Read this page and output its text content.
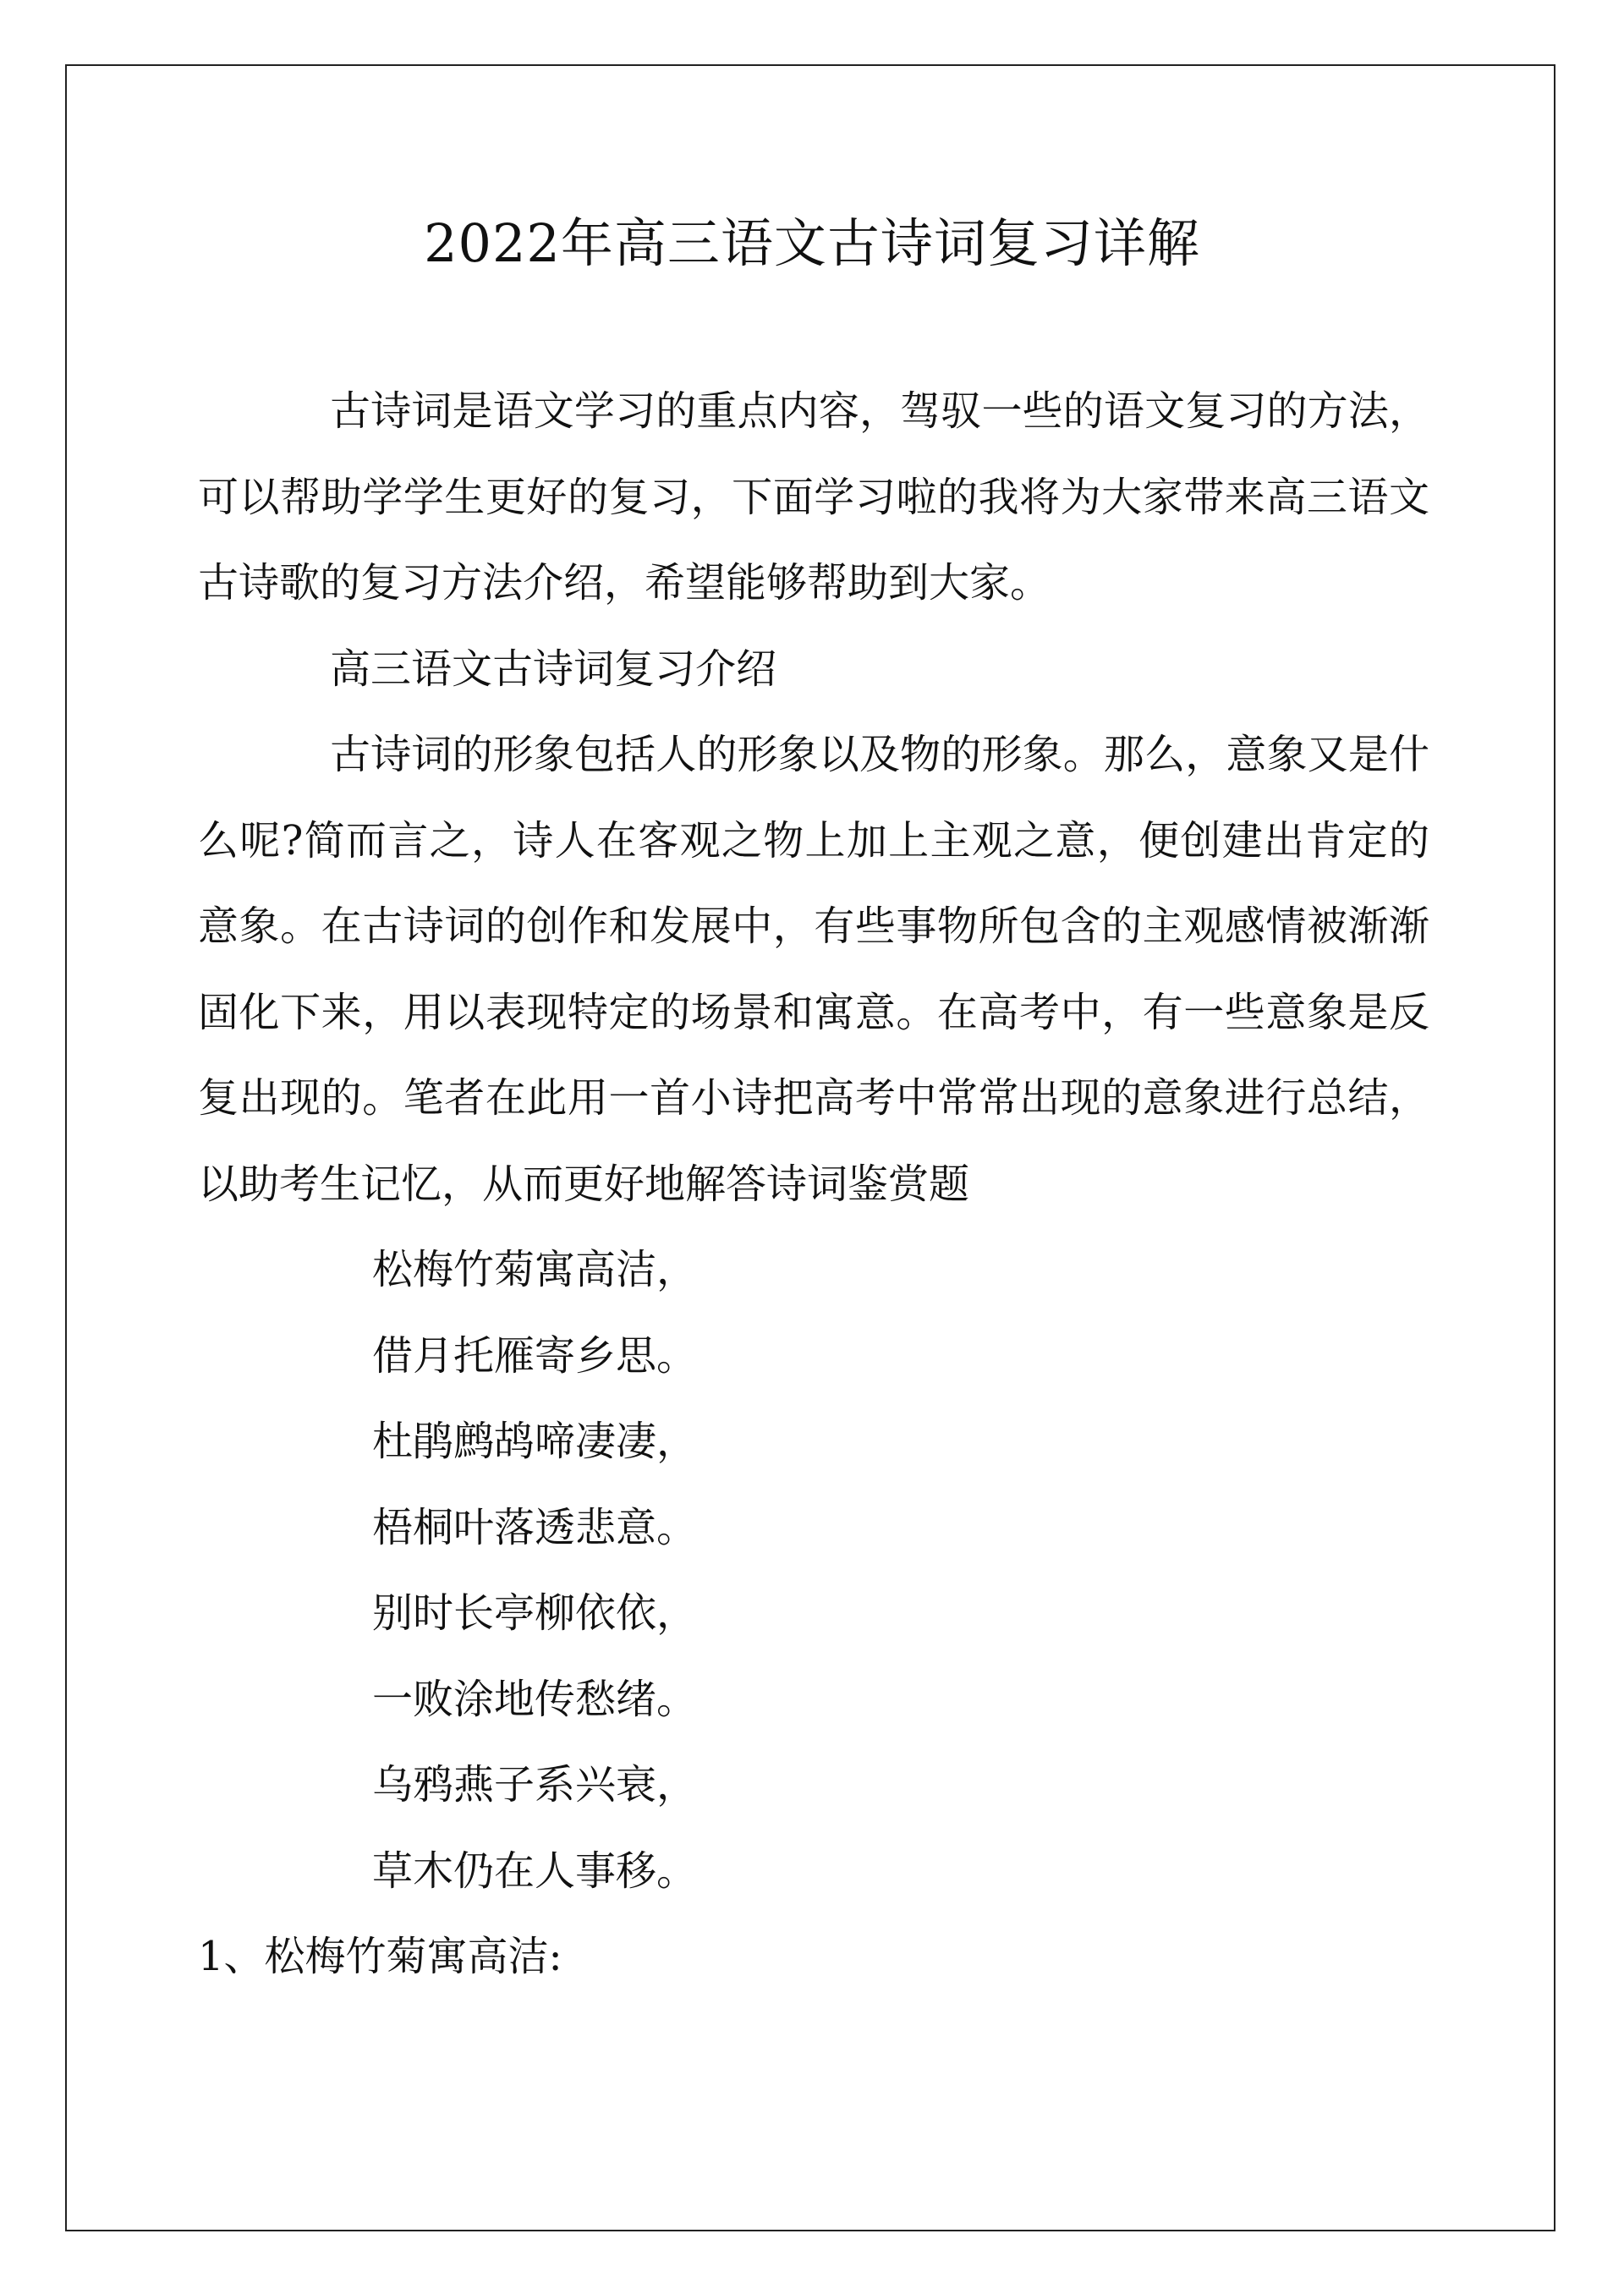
2022年高三语文古诗词复习详解

古诗词是语文学习的重点内容，驾驭一些的语文复习的方法，可以帮助学学生更好的复习，下面学习啦的我将为大家带来高三语文古诗歌的复习方法介绍，希望能够帮助到大家。

高三语文古诗词复习介绍

古诗词的形象包括人的形象以及物的形象。那么，意象又是什么呢?简而言之，诗人在客观之物上加上主观之意，便创建出肯定的意象。在古诗词的创作和发展中，有些事物所包含的主观感情被渐渐固化下来，用以表现特定的场景和寓意。在高考中，有一些意象是反复出现的。笔者在此用一首小诗把高考中常常出现的意象进行总结，以助考生记忆，从而更好地解答诗词鉴赏题

松梅竹菊寓高洁，

借月托雁寄乡思。

杜鹃鹧鸪啼凄凄，

梧桐叶落透悲意。

别时长亭柳依依，

一败涂地传愁绪。

乌鸦燕子系兴衰，

草木仍在人事移。

1、松梅竹菊寓高洁:
